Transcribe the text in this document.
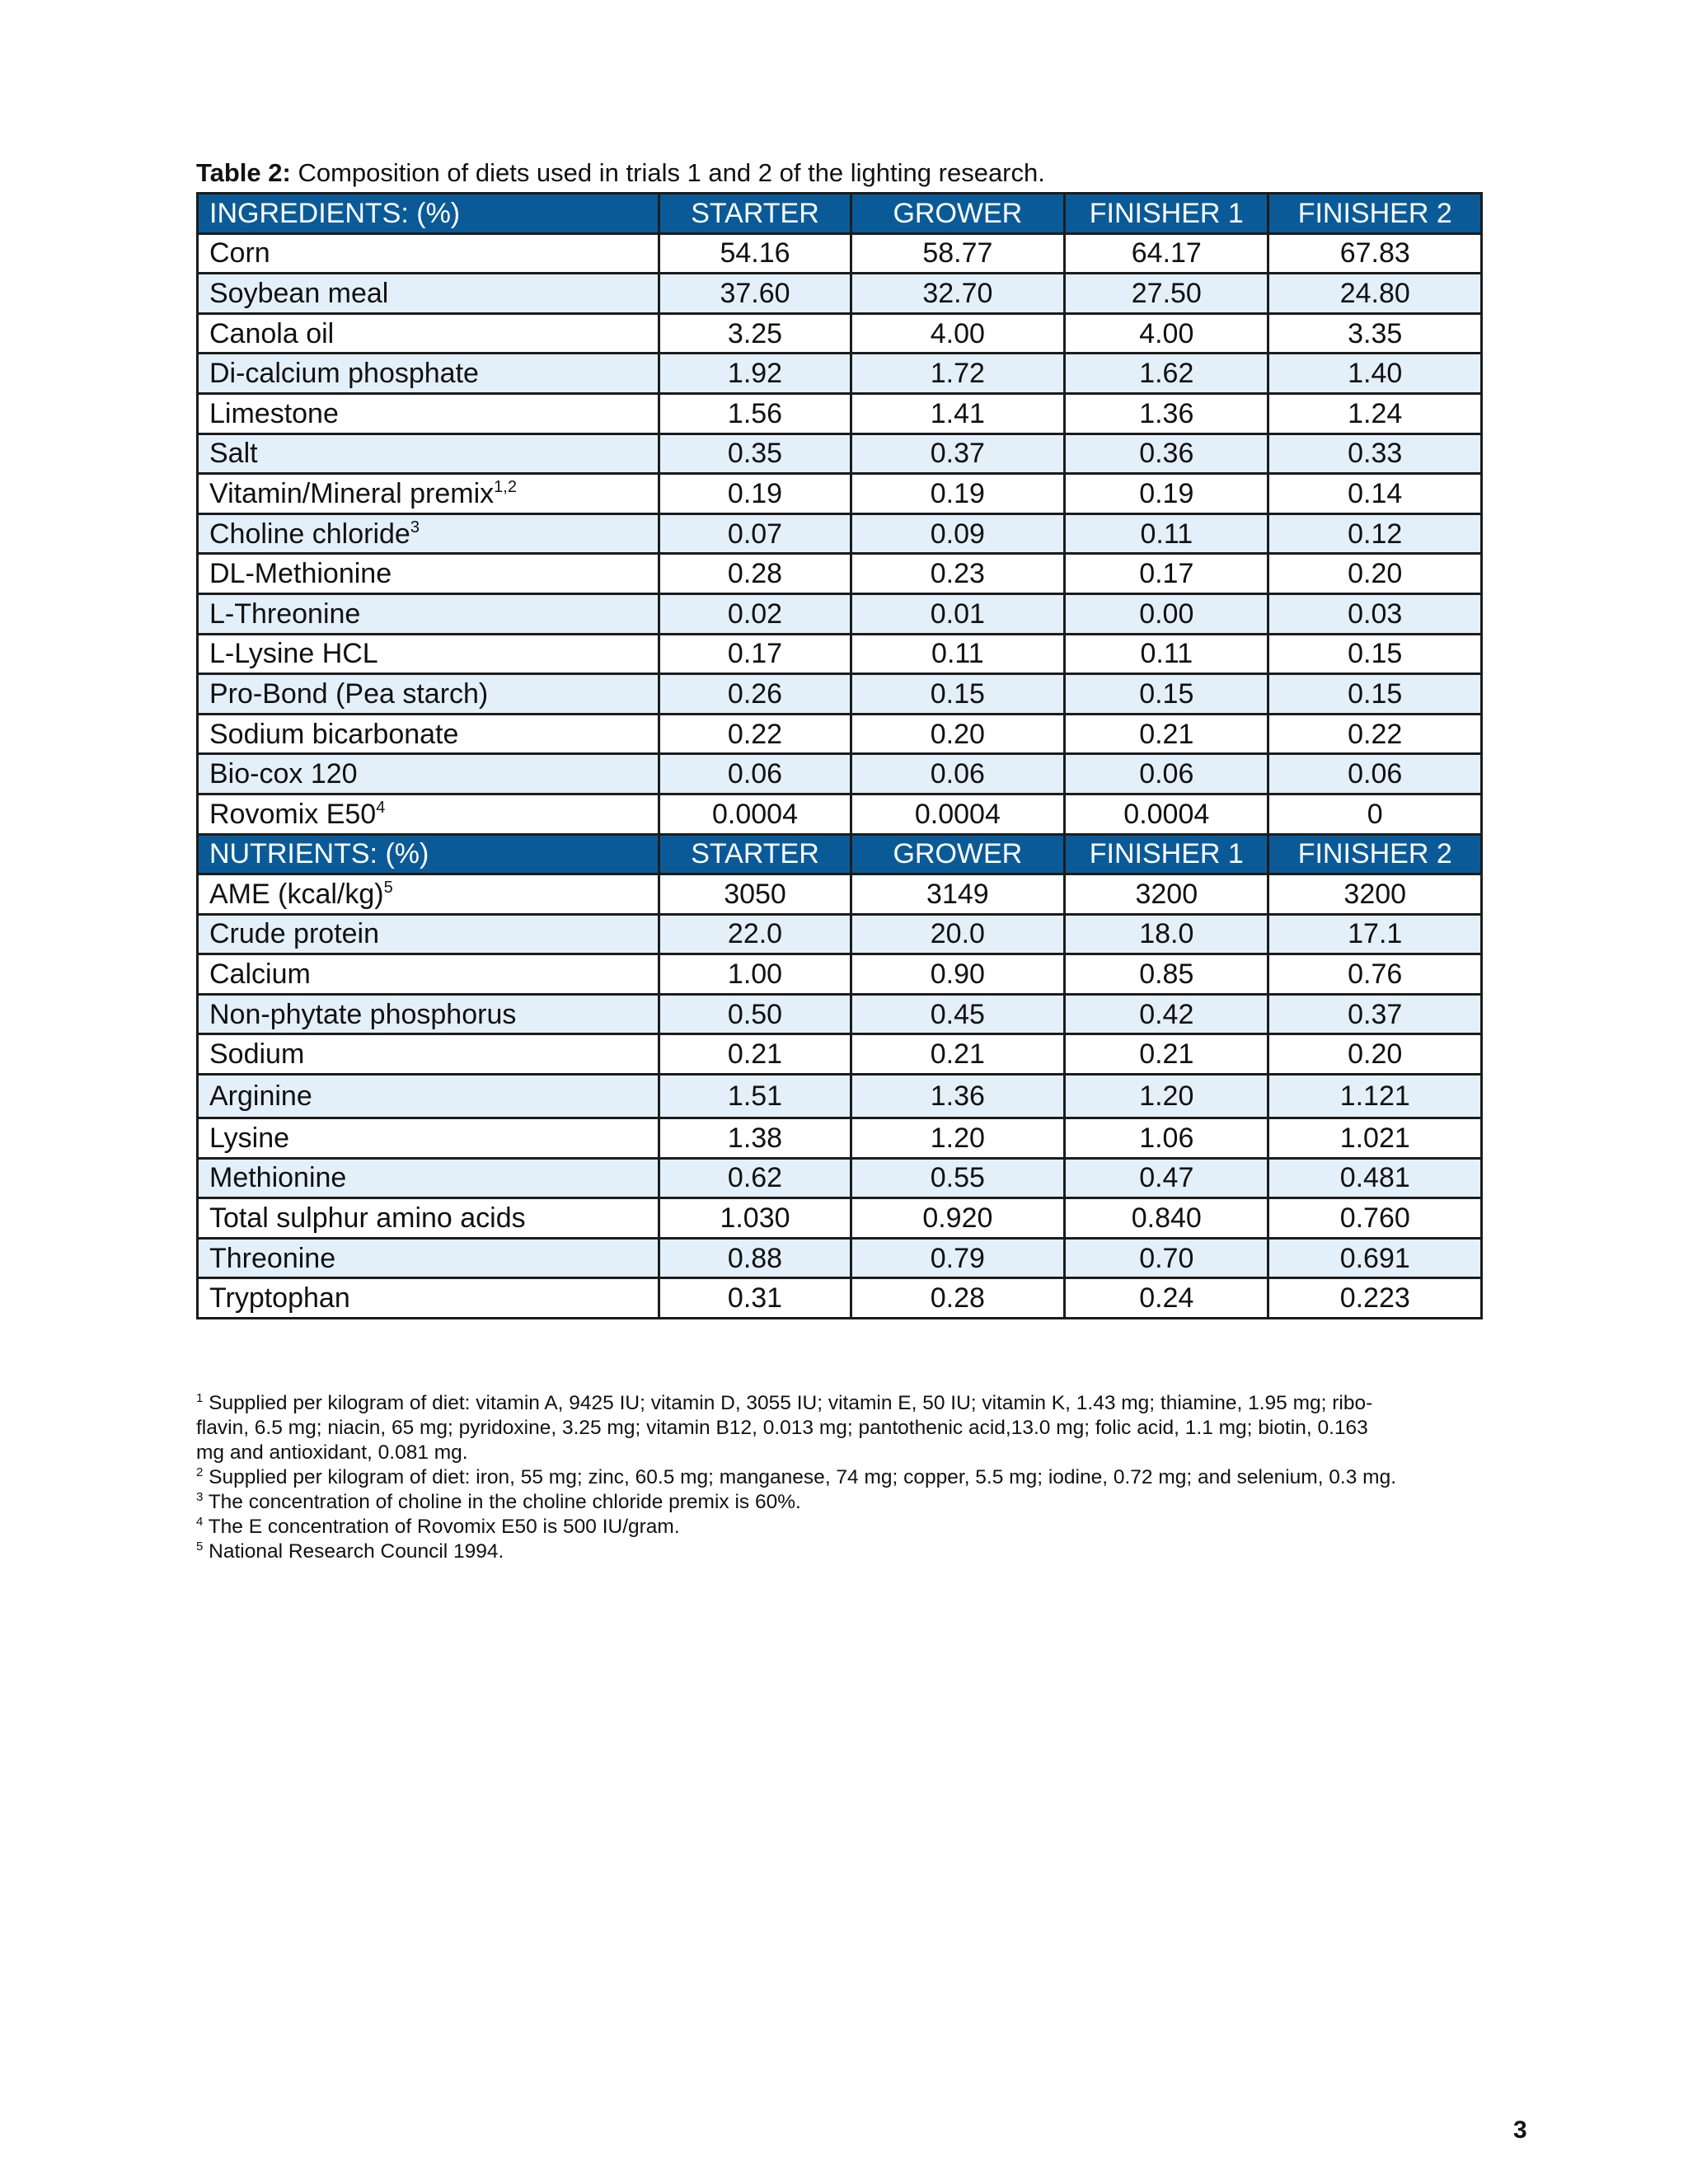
Table 2: Composition of diets used in trials 1 and 2 of the lighting research.
INGREDIENTS: (%)	STARTER	GROWER	FINISHER 1	FINISHER 2
Corn	54.16	58.77	64.17	67.83
Soybean meal	37.60	32.70	27.50	24.80
Canola oil	3.25	4.00	4.00	3.35
Di-calcium phosphate	1.92	1.72	1.62	1.40
Limestone	1.56	1.41	1.36	1.24
Salt	0.35	0.37	0.36	0.33
Vitamin/Mineral premix$^{1,2}$	0.19	0.19	0.19	0.14
Choline chloride$^3$	0.07	0.09	0.11	0.12
DL-Methionine	0.28	0.23	0.17	0.20
L-Threonine	0.02	0.01	0.00	0.03
L-Lysine HCL	0.17	0.11	0.11	0.15
Pro-Bond (Pea starch)	0.26	0.15	0.15	0.15
Sodium bicarbonate	0.22	0.20	0.21	0.22
Bio-cox 120	0.06	0.06	0.06	0.06
Rovomix $E50^4$	0.0004	0.0004	0.0004	0
NUTRIENTS: (%)	STARTER	GROWER	FINISHER 1	FINISHER 2
AME (kcal/kg)$^5$	3050	3149	3200	3200
Crude protein	22.0	20.0	18.0	17.1
Calcium	1.00	0.90	0.85	0.76
Non-phytate phosphorus	0.50	0.45	0.42	0.37
Sodium	0.21	0.21	0.21	0.20
Arginine	1.51	1.36	1.20	1.121
Lysine	1.38	1.20	1.06	1.021
Methionine	0.62	0.55	0.47	0.481
Total sulphur amino acids	1.030	0.920	0.840	0.760
Threonine	0.88	0.79	0.70	0.691
Tryptophan	0.31	0.28	0.24	0.223

$^1$ Supplied per kilogram of diet: vitamin A, 9425 IU; vitamin D, 3055 IU; vitamin E, 50 IU; vitamin K, 1.43 mg; thiamine, 1.95 mg; ribo-

flavin, 6.5 mg; niacin, 65 mg; pyridoxine, 3.25 mg; vitamin B12, 0.013 mg; pantothenic acid,13.0 mg; folic acid, 1.1 mg; biotin, 0.163

mg and antioxidant, 0.081 mg.

$^2$ Supplied per kilogram of diet: iron, 55 mg; zinc, 60.5 mg; manganese, 74 mg; copper, 5.5 mg; iodine, 0.72 mg; and selenium, 0.3 mg.

$^3$ The concentration of choline in the choline chloride premix is 60%.

$^4$ The E concentration of Rovomix E50 is 500 IU/gram.

$^5$ National Research Council 1994.

3
